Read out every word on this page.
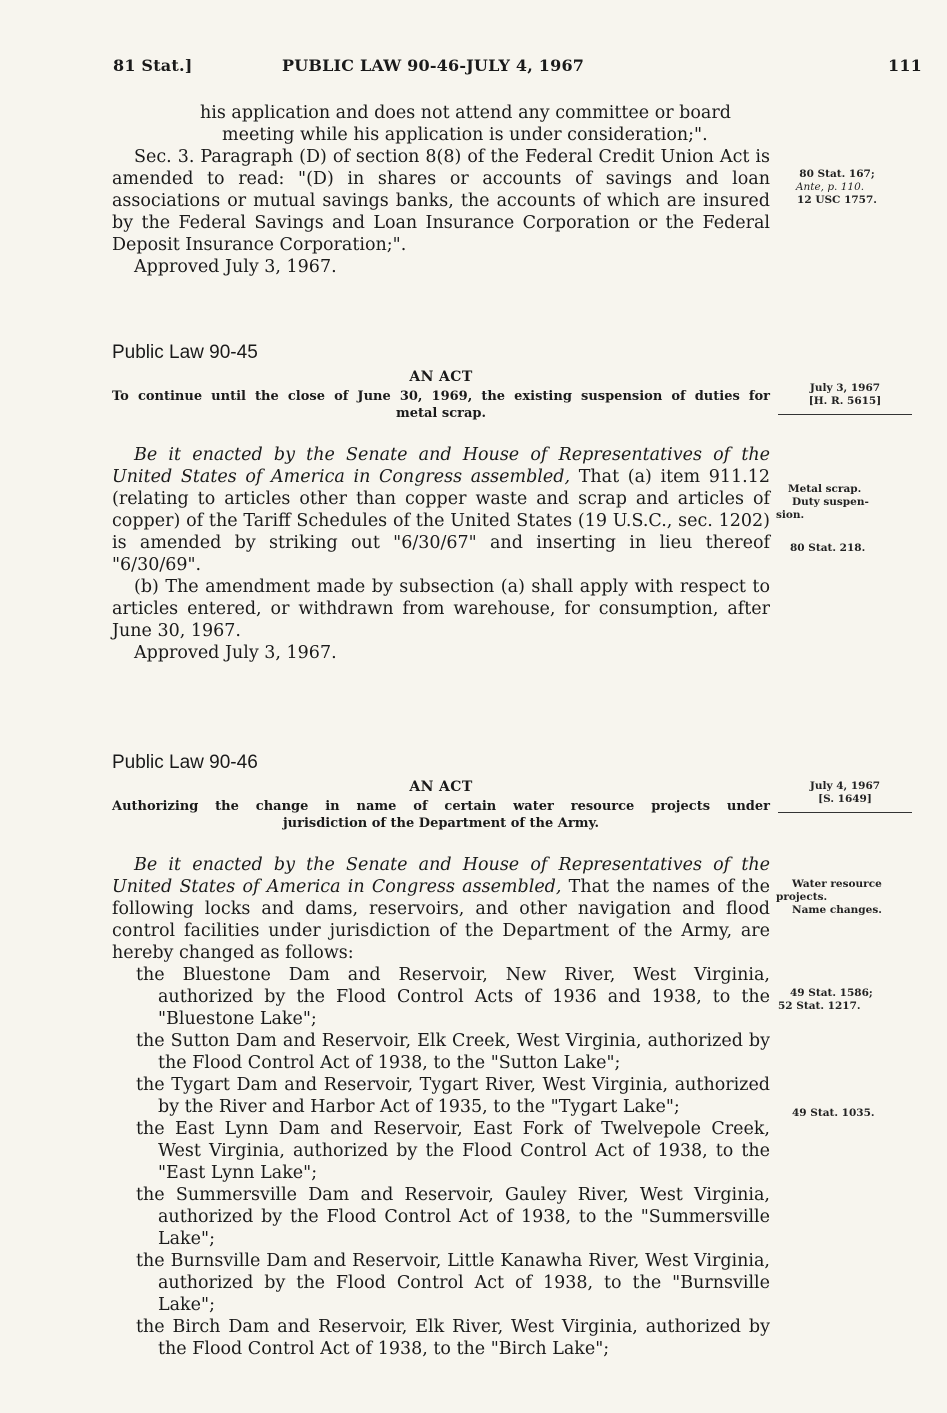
81 Stat.]	PUBLIC LAW 90-46-JULY 4, 1967	111

his application and does not attend any committee or board

meeting while his application is under consideration;".

Sec. 3. Paragraph (D) of section 8(8) of the Federal Credit Union Act is amended to read: "(D) in shares or accounts of savings and loan associations or mutual savings banks, the accounts of which are insured by the Federal Savings and Loan Insurance Corporation or the Federal Deposit Insurance Corporation;".

Approved July 3, 1967.

80 Stat. 167;
Ante, p. 110.
12 USC 1757.

Public Law 90-45

AN ACT

To continue until the close of June 30, 1969, the existing suspension of duties for
metal scrap.

Be it enacted by the Senate and House of Representatives of the United States of America in Congress assembled, That (a) item 911.12 (relating to articles other than copper waste and scrap and articles of copper) of the Tariff Schedules of the United States (19 U.S.C., sec. 1202) is amended by striking out "6/30/67" and inserting in lieu thereof "6/30/69".

(b) The amendment made by subsection (a) shall apply with respect to articles entered, or withdrawn from warehouse, for consumption, after June 30, 1967.

Approved July 3, 1967.

July 3, 1967
[H. R. 5615]
Metal scrap.
Duty suspen-
sion.
80 Stat. 218.

Public Law 90-46

AN ACT

Authorizing the change in name of certain water resource projects under
jurisdiction of the Department of the Army.

Be it enacted by the Senate and House of Representatives of the United States of America in Congress assembled, That the names of the following locks and dams, reservoirs, and other navigation and flood control facilities under jurisdiction of the Department of the Army, are hereby changed as follows:

the Bluestone Dam and Reservoir, New River, West Virginia, authorized by the Flood Control Acts of 1936 and 1938, to the "Bluestone Lake";

the Sutton Dam and Reservoir, Elk Creek, West Virginia, authorized by the Flood Control Act of 1938, to the "Sutton Lake";

the Tygart Dam and Reservoir, Tygart River, West Virginia, authorized by the River and Harbor Act of 1935, to the "Tygart Lake";

the East Lynn Dam and Reservoir, East Fork of Twelvepole Creek, West Virginia, authorized by the Flood Control Act of 1938, to the "East Lynn Lake";

the Summersville Dam and Reservoir, Gauley River, West Virginia, authorized by the Flood Control Act of 1938, to the "Summersville Lake";

the Burnsville Dam and Reservoir, Little Kanawha River, West Virginia, authorized by the Flood Control Act of 1938, to the "Burnsville Lake";

the Birch Dam and Reservoir, Elk River, West Virginia, authorized by the Flood Control Act of 1938, to the "Birch Lake";

July 4, 1967
[S. 1649]
Water resource
projects.
Name changes.
49 Stat. 1586;
52 Stat. 1217.
49 Stat. 1035.
